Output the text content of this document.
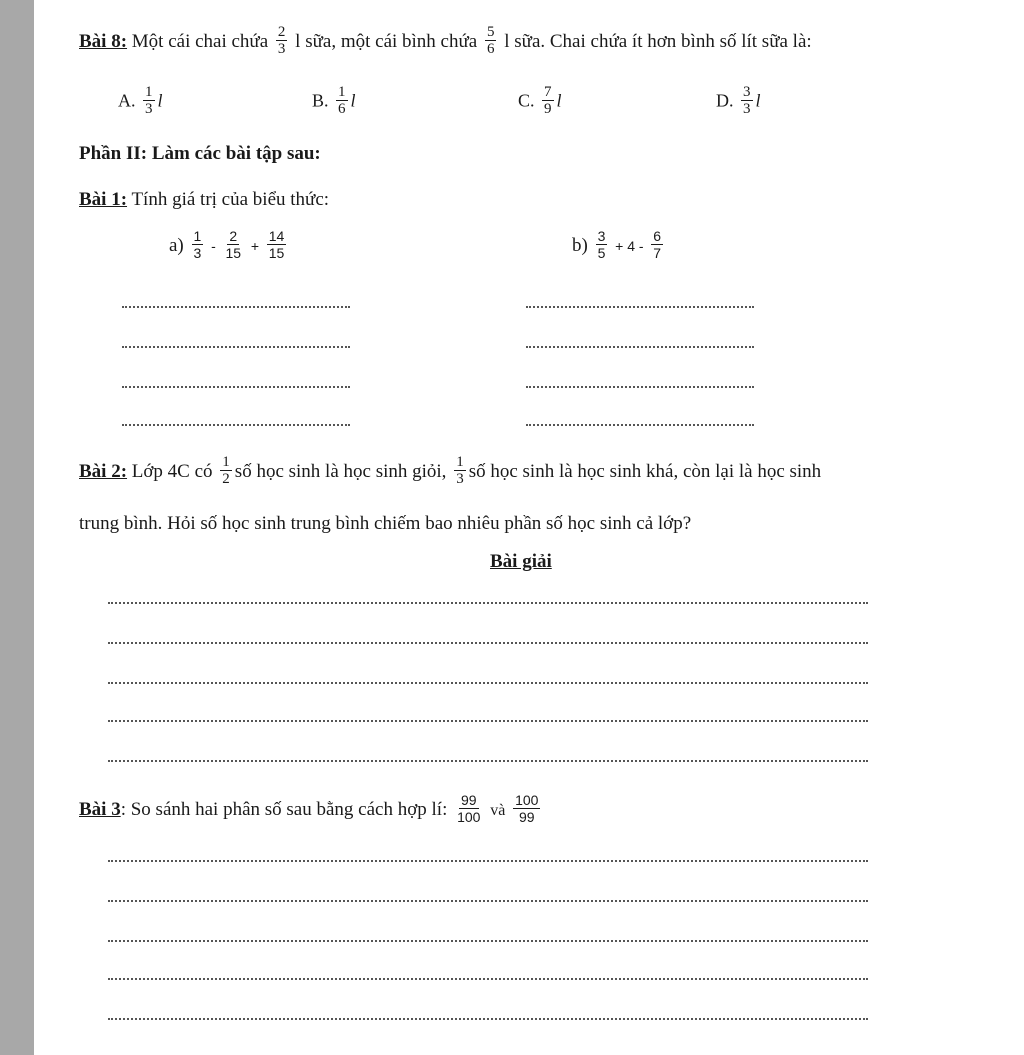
Bài 8: Một cái chai chứa $\frac{2}{3}$ l sữa, một cái bình chứa $\frac{5}{6}$ l sữa. Chai chứa ít hơn bình số lít sữa là:
A. $\frac{1}{3}$ l	B. $\frac{1}{6}$ l	C. $\frac{7}{9}$ l	D. $\frac{3}{3}$ l
Phần II: Làm các bài tập sau:
Bài 1: Tính giá trị của biểu thức:
$a) \frac{1}{3} - \frac{2}{15} + \frac{14}{15}$	$b) \frac{3}{5} + 4 - \frac{6}{7}$
Bài 2: Lớp 4C có $\frac{1}{2}$ số học sinh là học sinh giỏi, $\frac{1}{3}$ số học sinh là học sinh khá, còn lại là học sinh
trung bình. Hỏi số học sinh trung bình chiếm bao nhiêu phần số học sinh cả lớp?
Bài giải
Bài 3: So sánh hai phân số sau bằng cách hợp lí: $\frac{99}{100}$ và $\frac{100}{99}$
